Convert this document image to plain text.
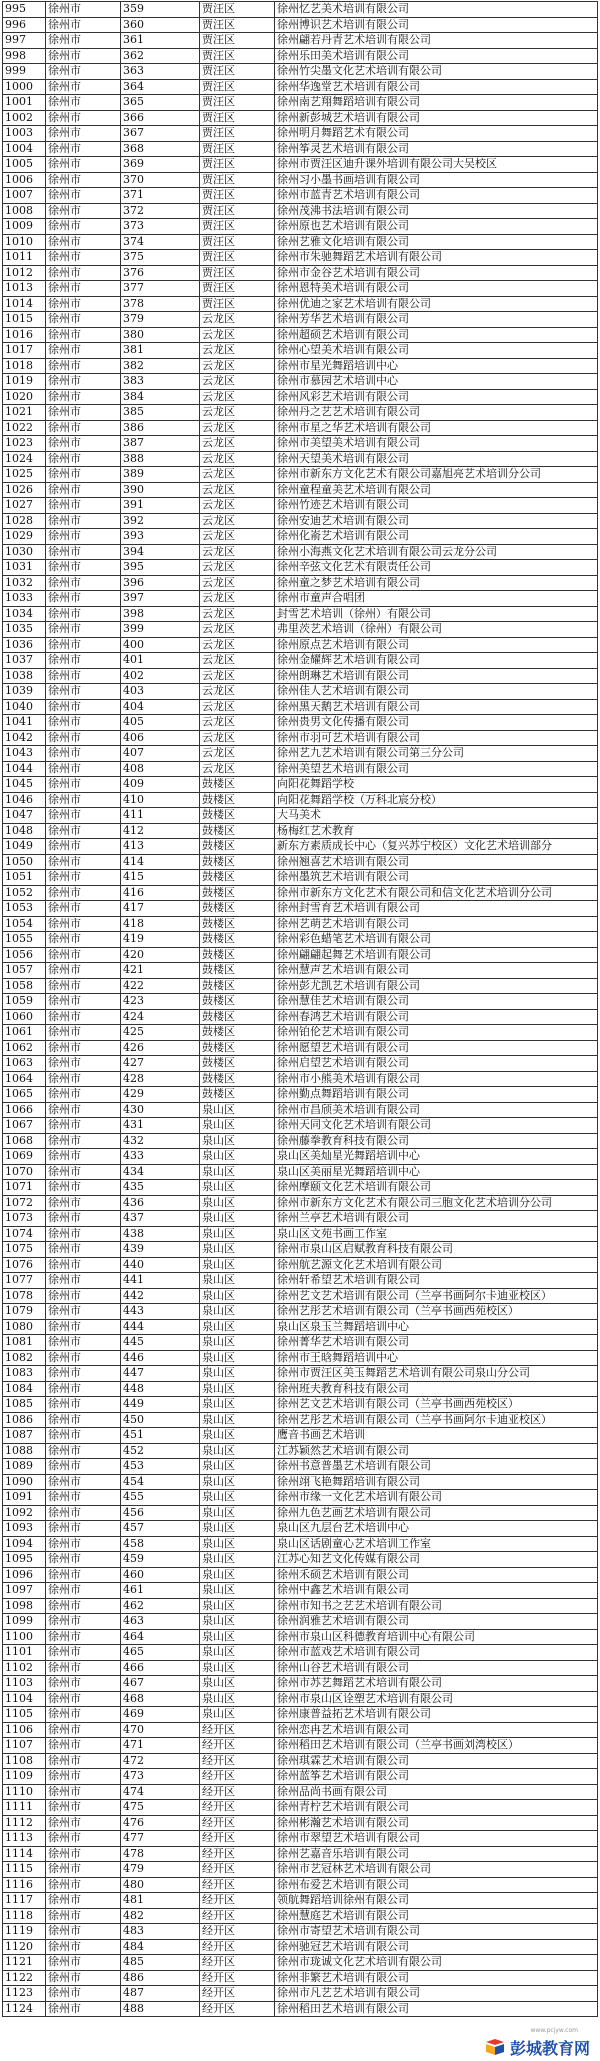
995	徐州市	359	贾汪区	徐州忆艺美术培训有限公司
996	徐州市	360	贾汪区	徐州博识艺术培训有限公司
997	徐州市	361	贾汪区	徐州翩若丹青艺术培训有限公司
998	徐州市	362	贾汪区	徐州乐田美术培训有限公司
999	徐州市	363	贾汪区	徐州竹尖墨文化艺术培训有限公司
1000	徐州市	364	贾汪区	徐州华逸堂艺术培训有限公司
1001	徐州市	365	贾汪区	徐州南艺翔舞蹈培训有限公司
1002	徐州市	366	贾汪区	徐州新彭城艺术培训有限公司
1003	徐州市	367	贾汪区	徐州明月舞蹈艺术有限公司
1004	徐州市	368	贾汪区	徐州筝灵艺术培训有限公司
1005	徐州市	369	贾汪区	徐州市贾汪区迪升课外培训有限公司大吴校区
1006	徐州市	370	贾汪区	徐州习小墨书画培训有限公司
1007	徐州市	371	贾汪区	徐州市蓝青艺术培训有限公司
1008	徐州市	372	贾汪区	徐州茂沸书法培训有限公司
1009	徐州市	373	贾汪区	徐州原也艺术培训有限公司
1010	徐州市	374	贾汪区	徐州艺雅文化培训有限公司
1011	徐州市	375	贾汪区	徐州市朱驰舞蹈艺术培训有限公司
1012	徐州市	376	贾汪区	徐州市金谷艺术培训有限公司
1013	徐州市	377	贾汪区	徐州恩特美术培训有限公司
1014	徐州市	378	贾汪区	徐州优迪之家艺术培训有限公司
1015	徐州市	379	云龙区	徐州芳华艺术培训有限公司
1016	徐州市	380	云龙区	徐州超硕艺术培训有限公司
1017	徐州市	381	云龙区	徐州心望美术培训有限公司
1018	徐州市	382	云龙区	徐州市星光舞蹈培训中心
1019	徐州市	383	云龙区	徐州市慕园艺术培训中心
1020	徐州市	384	云龙区	徐州风彩艺术培训有限公司
1021	徐州市	385	云龙区	徐州丹之艺艺术培训有限公司
1022	徐州市	386	云龙区	徐州市星之华艺术培训有限公司
1023	徐州市	387	云龙区	徐州市美望美术培训有限公司
1024	徐州市	388	云龙区	徐州天望美术培训有限公司
1025	徐州市	389	云龙区	徐州市新东方文化艺术有限公司嘉旭亮艺术培训分公司
1026	徐州市	390	云龙区	徐州童程童美艺术培训有限公司
1027	徐州市	391	云龙区	徐州竹迹艺术培训有限公司
1028	徐州市	392	云龙区	徐州安迪艺术培训有限公司
1029	徐州市	393	云龙区	徐州化嵛艺术培训有限公司
1030	徐州市	394	云龙区	徐州小海燕文化艺术培训有限公司云龙分公司
1031	徐州市	395	云龙区	徐州辛弦文化艺术有限责任公司
1032	徐州市	396	云龙区	徐州童之梦艺术培训有限公司
1033	徐州市	397	云龙区	徐州市童声合唱团
1034	徐州市	398	云龙区	封雪艺术培训（徐州）有限公司
1035	徐州市	399	云龙区	弗里茨艺术培训（徐州）有限公司
1036	徐州市	400	云龙区	徐州原点艺术培训有限公司
1037	徐州市	401	云龙区	徐州金耀辉艺术培训有限公司
1038	徐州市	402	云龙区	徐州朗琳艺术培训有限公司
1039	徐州市	403	云龙区	徐州佳人艺术培训有限公司
1040	徐州市	404	云龙区	徐州黑天鹅艺术培训有限公司
1041	徐州市	405	云龙区	徐州贵男文化传播有限公司
1042	徐州市	406	云龙区	徐州市羽可艺术培训有限公司
1043	徐州市	407	云龙区	徐州艺九艺术培训有限公司第三分公司
1044	徐州市	408	云龙区	徐州美望艺术培训有限公司
1045	徐州市	409	鼓楼区	向阳花舞蹈学校
1046	徐州市	410	鼓楼区	向阳花舞蹈学校（万科北宸分校）
1047	徐州市	411	鼓楼区	大马美术
1048	徐州市	412	鼓楼区	杨梅红艺术教育
1049	徐州市	413	鼓楼区	新东方素质成长中心（复兴苏宁校区）文化艺术培训部分
1050	徐州市	414	鼓楼区	徐州翘喜艺术培训有限公司
1051	徐州市	415	鼓楼区	徐州墨筑艺术培训有限公司
1052	徐州市	416	鼓楼区	徐州市新东方文化艺术有限公司和信文化艺术培训分公司
1053	徐州市	417	鼓楼区	徐州封雪育艺术培训有限公司
1054	徐州市	418	鼓楼区	徐州艺萌艺术培训有限公司
1055	徐州市	419	鼓楼区	徐州彩色蜡笔艺术培训有限公司
1056	徐州市	420	鼓楼区	徐州翩翩起舞艺术培训有限公司
1057	徐州市	421	鼓楼区	徐州慧声艺术培训有限公司
1058	徐州市	422	鼓楼区	徐州彭尤凯艺术培训有限公司
1059	徐州市	423	鼓楼区	徐州慧佳艺术培训有限公司
1060	徐州市	424	鼓楼区	徐州春鸿艺术培训有限公司
1061	徐州市	425	鼓楼区	徐州铂伦艺术培训有限公司
1062	徐州市	426	鼓楼区	徐州愿望艺术培训有限公司
1063	徐州市	427	鼓楼区	徐州启望艺术培训有限公司
1064	徐州市	428	鼓楼区	徐州市小熊美术培训有限公司
1065	徐州市	429	鼓楼区	徐州勤点舞蹈培训有限公司
1066	徐州市	430	泉山区	徐州市昌颀美术培训有限公司
1067	徐州市	431	泉山区	徐州天同文化艺术培训有限公司
1068	徐州市	432	泉山区	徐州藤拳教育科技有限公司
1069	徐州市	433	泉山区	泉山区美灿星光舞蹈培训中心
1070	徐州市	434	泉山区	泉山区美丽星光舞蹈培训中心
1071	徐州市	435	泉山区	徐州摩颐文化艺术培训有限公司
1072	徐州市	436	泉山区	徐州市新东方文化艺术有限公司三胞文化艺术培训分公司
1073	徐州市	437	泉山区	徐州兰亭艺术培训有限公司
1074	徐州市	438	泉山区	泉山区文苑书画工作室
1075	徐州市	439	泉山区	徐州市泉山区启赋教育科技有限公司
1076	徐州市	440	泉山区	徐州航艺源文化艺术培训有限公司
1077	徐州市	441	泉山区	徐州轩希望艺术培训有限公司
1078	徐州市	442	泉山区	徐州艺文艺术培训有限公司（兰亭书画阿尔卡迪亚校区）
1079	徐州市	443	泉山区	徐州艺彤艺术培训有限公司（兰亭书画西苑校区）
1080	徐州市	444	泉山区	泉山区泉玉兰舞蹈培训中心
1081	徐州市	445	泉山区	徐州菁华艺术培训有限公司
1082	徐州市	446	泉山区	徐州市王晗舞蹈培训中心
1083	徐州市	447	泉山区	徐州市贾汪区美玉舞蹈艺术培训有限公司泉山分公司
1084	徐州市	448	泉山区	徐州班夫教育科技有限公司
1085	徐州市	449	泉山区	徐州艺文艺术培训有限公司（兰亭书画西苑校区）
1086	徐州市	450	泉山区	徐州艺彤艺术培训有限公司（兰亭书画阿尔卡迪亚校区）
1087	徐州市	451	泉山区	鹰音书画艺术培训
1088	徐州市	452	泉山区	江苏颖然艺术培训有限公司
1089	徐州市	453	泉山区	徐州书意普墨艺术培训有限公司
1090	徐州市	454	泉山区	徐州翊飞艳舞蹈培训有限公司
1091	徐州市	455	泉山区	徐州市缘一文化艺术培训有限公司
1092	徐州市	456	泉山区	徐州九色艺画艺术培训有限公司
1093	徐州市	457	泉山区	泉山区九层台艺术培训中心
1094	徐州市	458	泉山区	泉山区话剧童心艺术培训工作室
1095	徐州市	459	泉山区	江苏心知艺文化传媒有限公司
1096	徐州市	460	泉山区	徐州禾硕艺术培训有限公司
1097	徐州市	461	泉山区	徐州中鑫艺术培训有限公司
1098	徐州市	462	泉山区	徐州市知书之艺艺术培训有限公司
1099	徐州市	463	泉山区	徐州润雅艺术培训有限公司
1100	徐州市	464	泉山区	徐州市泉山区科德教育培训中心有限公司
1101	徐州市	465	泉山区	徐州市蓝戏艺术培训有限公司
1102	徐州市	466	泉山区	徐州山谷艺术培训有限公司
1103	徐州市	467	泉山区	徐州市苏艺舞蹈艺术培训有限公司
1104	徐州市	468	泉山区	徐州市泉山区诠塑艺术培训有限公司
1105	徐州市	469	泉山区	徐州康普益拓艺术培训有限公司
1106	徐州市	470	经开区	徐州恋冉艺术培训有限公司
1107	徐州市	471	经开区	徐州稻田艺术培训有限公司（兰亭书画刘湾校区）
1108	徐州市	472	经开区	徐州琪霖艺术培训有限公司
1109	徐州市	473	经开区	徐州蓝筝艺术培训有限公司
1110	徐州市	474	经开区	徐州品尚书画有限公司
1111	徐州市	475	经开区	徐州青柠艺术培训有限公司
1112	徐州市	476	经开区	徐州彬瀚艺术培训有限公司
1113	徐州市	477	经开区	徐州市翠望艺术培训有限公司
1114	徐州市	478	经开区	徐州艺嘉音乐培训有限公司
1115	徐州市	479	经开区	徐州市艺冠林艺术培训有限公司
1116	徐州市	480	经开区	徐州布爱艺术培训有限公司
1117	徐州市	481	经开区	领航舞蹈培训徐州有限公司
1118	徐州市	482	经开区	徐州慧庭艺术培训有限公司
1119	徐州市	483	经开区	徐州市寄望艺术培训有限公司
1120	徐州市	484	经开区	徐州驰冠艺术培训有限公司
1121	徐州市	485	经开区	徐州市珑诚文化艺术培训有限公司
1122	徐州市	486	经开区	徐州非繁艺术培训有限公司
1123	徐州市	487	经开区	徐州市凡艺艺术培训有限公司
1124	徐州市	488	经开区	徐州稻田艺术培训有限公司
www.pcjyw.com
彭城教育网
